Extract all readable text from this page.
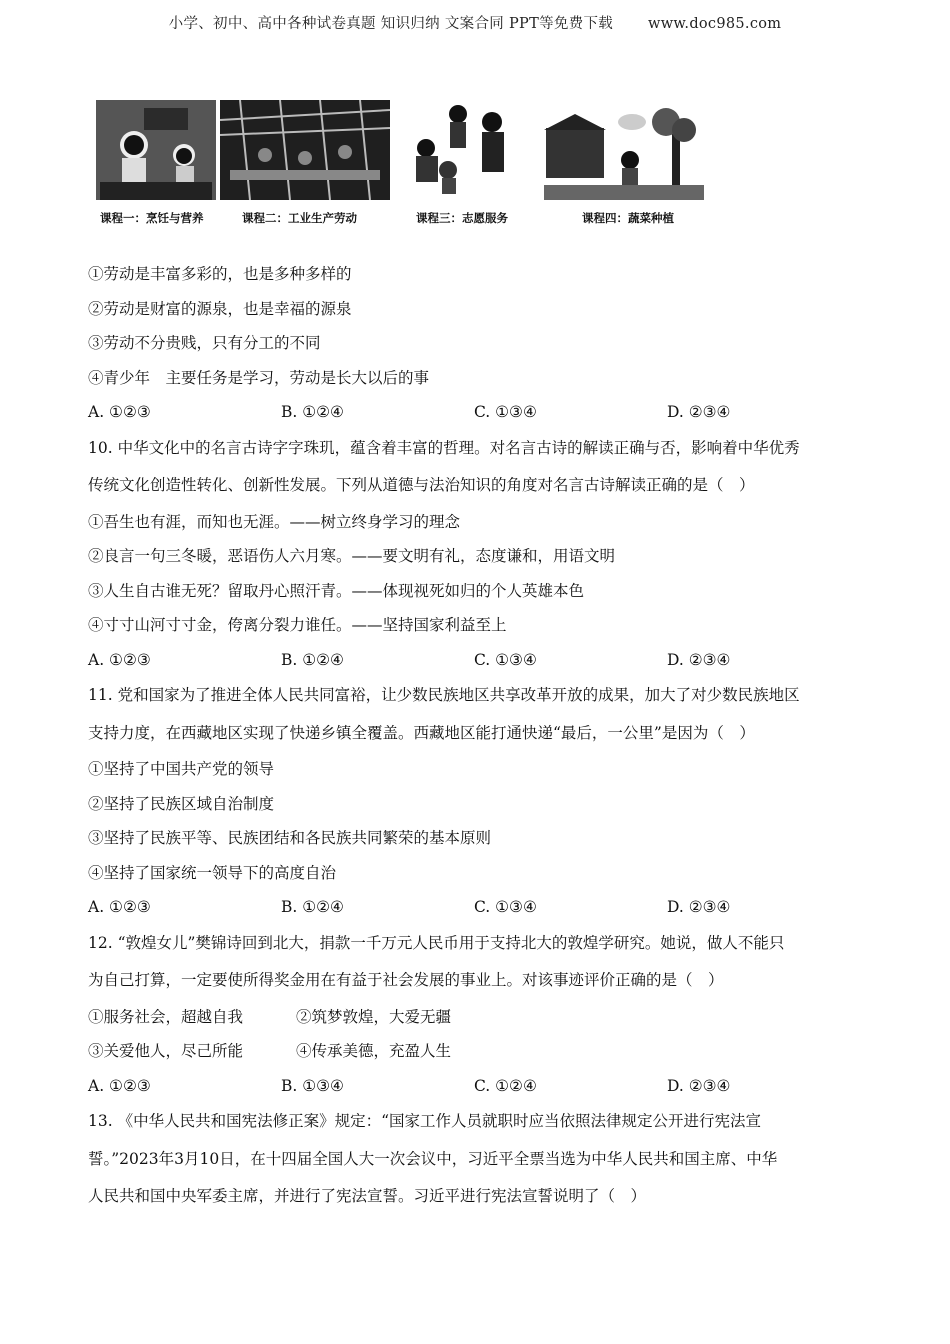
小学、初中、高中各种试卷真题 知识归纳 文案合同 PPT等免费下载 www.doc985.com
课程一：烹饪与营养	课程二：工业生产劳动	课程三：志愿服务	课程四：蔬菜种植
①劳动是丰富多彩的，也是多种多样的
②劳动是财富的源泉，也是幸福的源泉
③劳动不分贵贱，只有分工的不同
④青少年　主要任务是学习，劳动是长大以后的事
A. ①②③	B. ①②④	C. ①③④	D. ②③④
10. 中华文化中的名言古诗字字珠玑，蕴含着丰富的哲理。对名言古诗的解读正确与否，影响着中华优秀
传统文化创造性转化、创新性发展。下列从道德与法治知识的角度对名言古诗解读正确的是（　）
①吾生也有涯，而知也无涯。——树立终身学习的理念
②良言一句三冬暖，恶语伤人六月寒。——要文明有礼，态度谦和，用语文明
③人生自古谁无死？留取丹心照汗青。——体现视死如归的个人英雄本色
④寸寸山河寸寸金，侉离分裂力谁任。——坚持国家利益至上
A. ①②③	B. ①②④	C. ①③④	D. ②③④
11. 党和国家为了推进全体人民共同富裕，让少数民族地区共享改革开放的成果，加大了对少数民族地区
支持力度，在西藏地区实现了快递乡镇全覆盖。西藏地区能打通快递“最后，一公里”是因为（　）
①坚持了中国共产党的领导
②坚持了民族区域自治制度
③坚持了民族平等、民族团结和各民族共同繁荣的基本原则
④坚持了国家统一领导下的高度自治
A. ①②③	B. ①②④	C. ①③④	D. ②③④
12. “敦煌女儿”樊锦诗回到北大，捐款一千万元人民币用于支持北大的敦煌学研究。她说，做人不能只
为自己打算，一定要使所得奖金用在有益于社会发展的事业上。对该事迹评价正确的是（　）
①服务社会，超越自我	②筑梦敦煌，大爱无疆
③关爱他人，尽己所能	④传承美德，充盈人生
A. ①②③	B. ①③④	C. ①②④	D. ②③④
13. 《中华人民共和国宪法修正案》规定：“国家工作人员就职时应当依照法律规定公开进行宪法宣
誓。”2023年3月10日，在十四届全国人大一次会议中，习近平全票当选为中华人民共和国主席、中华
人民共和国中央军委主席，并进行了宪法宣誓。习近平进行宪法宣誓说明了（　）
